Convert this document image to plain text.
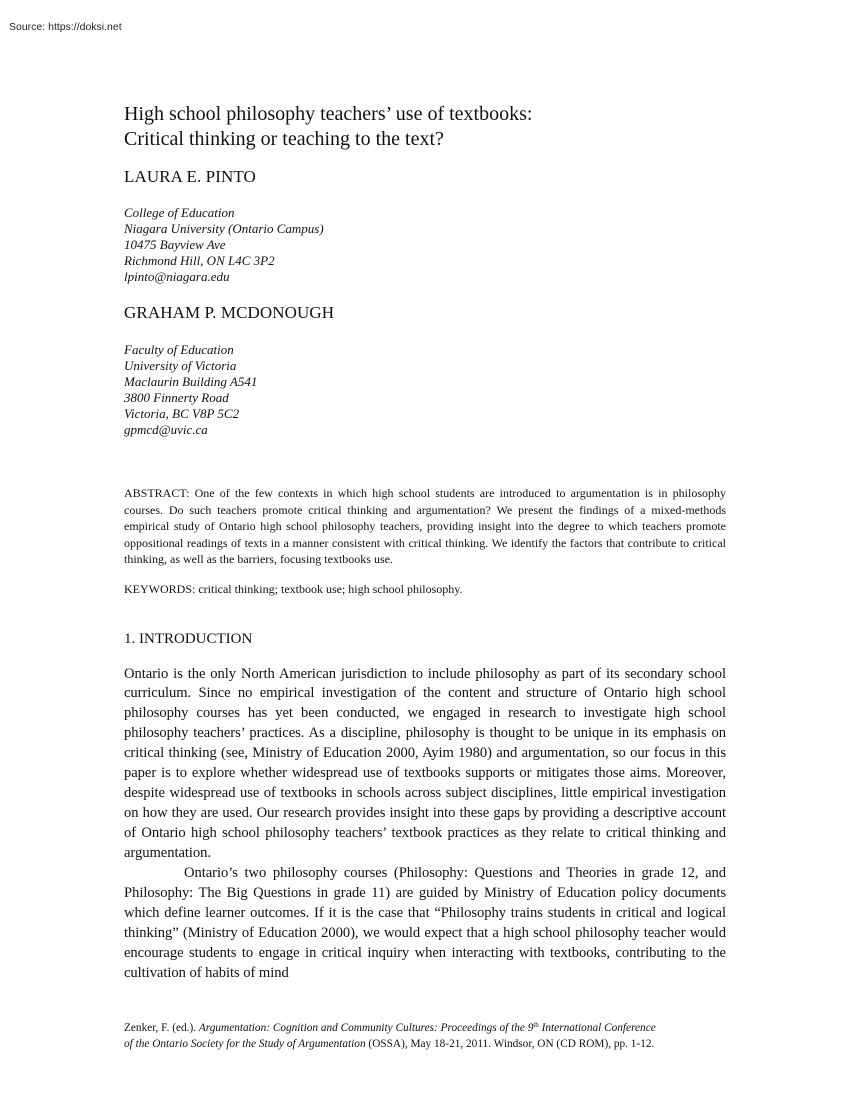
Source: https://doksi.net
High school philosophy teachers’ use of textbooks:
Critical thinking or teaching to the text?
LAURA E. PINTO
College of Education
Niagara University (Ontario Campus)
10475 Bayview Ave
Richmond Hill, ON L4C 3P2
lpinto@niagara.edu
GRAHAM P. MCDONOUGH
Faculty of Education
University of Victoria
Maclaurin Building A541
3800 Finnerty Road
Victoria, BC V8P 5C2
gpmcd@uvic.ca

ABSTRACT: One of the few contexts in which high school students are introduced to argumentation is in philosophy courses. Do such teachers promote critical thinking and argumentation? We present the findings of a mixed-methods empirical study of Ontario high school philosophy teachers, providing insight into the degree to which teachers promote oppositional readings of texts in a manner consistent with critical thinking. We identify the factors that contribute to critical thinking, as well as the barriers, focusing textbooks use.

KEYWORDS: critical thinking; textbook use; high school philosophy.

1. INTRODUCTION

Ontario is the only North American jurisdiction to include philosophy as part of its secondary school curriculum. Since no empirical investigation of the content and structure of Ontario high school philosophy courses has yet been conducted, we engaged in research to investigate high school philosophy teachers’ practices. As a discipline, philosophy is thought to be unique in its emphasis on critical thinking (see, Ministry of Education 2000, Ayim 1980) and argumentation, so our focus in this paper is to explore whether widespread use of textbooks supports or mitigates those aims. Moreover, despite widespread use of textbooks in schools across subject disciplines, little empirical investigation on how they are used. Our research provides insight into these gaps by providing a descriptive account of Ontario high school philosophy teachers’ textbook practices as they relate to critical thinking and argumentation.

Ontario’s two philosophy courses (Philosophy: Questions and Theories in grade 12, and Philosophy: The Big Questions in grade 11) are guided by Ministry of Education policy documents which define learner outcomes. If it is the case that “Philosophy trains students in critical and logical thinking” (Ministry of Education 2000), we would expect that a high school philosophy teacher would encourage students to engage in critical inquiry when interacting with textbooks, contributing to the cultivation of habits of mind

Zenker, F. (ed.). Argumentation: Cognition and Community Cultures: Proceedings of the 9th International Conference
of the Ontario Society for the Study of Argumentation (OSSA), May 18-21, 2011. Windsor, ON (CD ROM), pp. 1-12.
